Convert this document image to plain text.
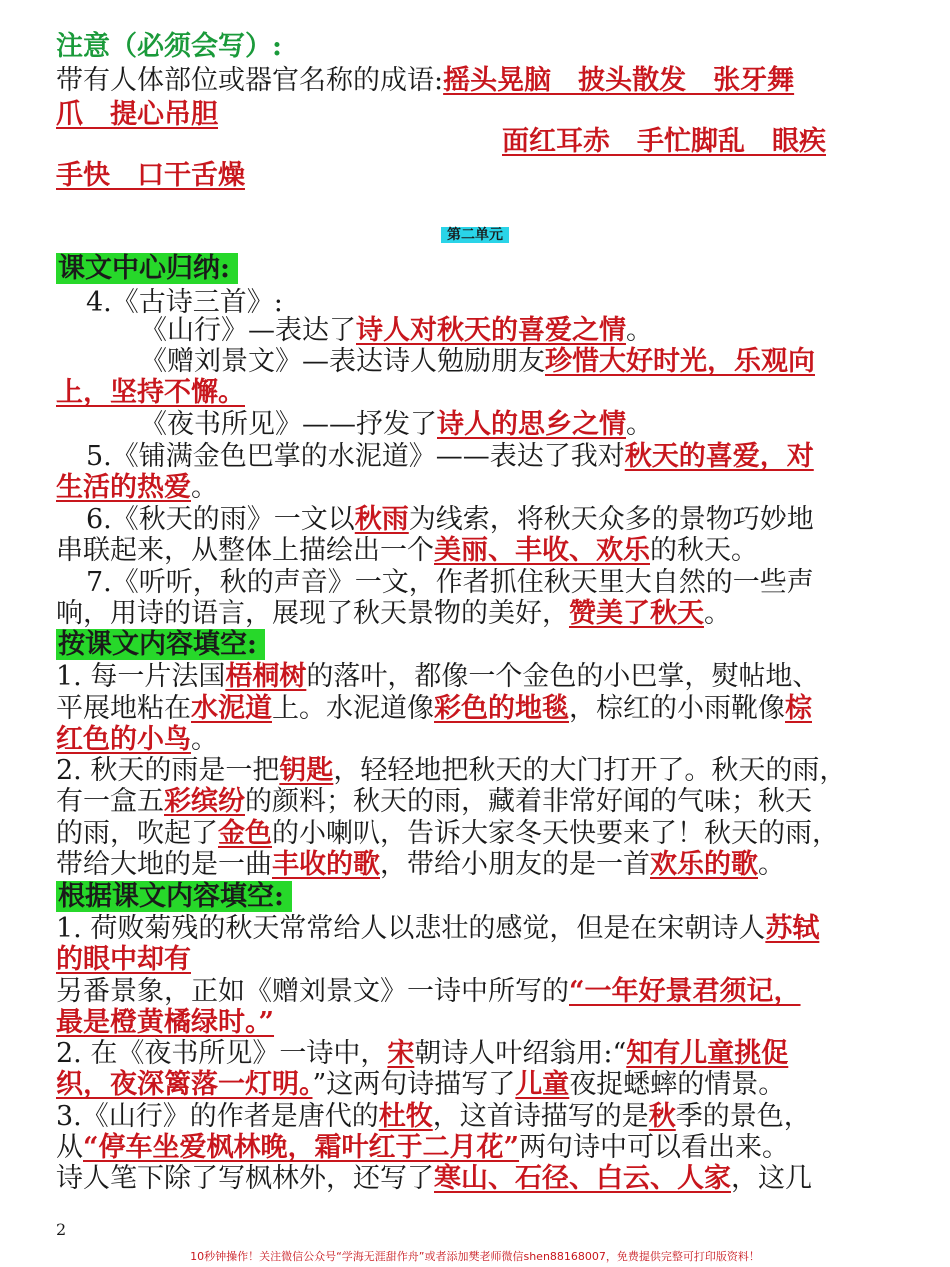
注意（必须会写）:
带有人体部位或器官名称的成语:摇头晃脑　披头散发　张牙舞
爪　提心吊胆
面红耳赤　手忙脚乱　眼疾
手快　口干舌燥
第二单元
课文中心归纳:
4.《古诗三首》:
《山行》—表达了诗人对秋天的喜爱之情。
《赠刘景文》—表达诗人勉励朋友珍惜大好时光，乐观向
上，坚持不懈。
《夜书所见》——抒发了诗人的思乡之情。
5.《铺满金色巴掌的水泥道》——表达了我对秋天的喜爱，对
生活的热爱。
6.《秋天的雨》一文以秋雨为线索，将秋天众多的景物巧妙地
串联起来，从整体上描绘出一个美丽、丰收、欢乐的秋天。
7.《听听，秋的声音》一文，作者抓住秋天里大自然的一些声
响，用诗的语言，展现了秋天景物的美好，赞美了秋天。
按课文内容填空:
1. 每一片法国梧桐树的落叶，都像一个金色的小巴掌，熨帖地、
平展地粘在水泥道上。水泥道像彩色的地毯，棕红的小雨靴像棕
红色的小鸟。
2. 秋天的雨是一把钥匙，轻轻地把秋天的大门打开了。秋天的雨，
有一盒五彩缤纷的颜料；秋天的雨，藏着非常好闻的气味；秋天
的雨，吹起了金色的小喇叭，告诉大家冬天快要来了！秋天的雨，
带给大地的是一曲丰收的歌，带给小朋友的是一首欢乐的歌。
根据课文内容填空:
1. 荷败菊残的秋天常常给人以悲壮的感觉，但是在宋朝诗人苏轼
的眼中却有
另番景象，正如《赠刘景文》一诗中所写的“一年好景君须记，
最是橙黄橘绿时。”
2. 在《夜书所见》一诗中，宋朝诗人叶绍翁用:“知有儿童挑促
织，夜深篱落一灯明。”这两句诗描写了儿童夜捉蟋蟀的情景。
3.《山行》的作者是唐代的杜牧，这首诗描写的是秋季的景色，
从“停车坐爱枫林晚，霜叶红于二月花”两句诗中可以看出来。
诗人笔下除了写枫林外，还写了寒山、石径、白云、人家，这几
2
10秒钟操作！关注微信公众号“学海无涯甜作舟”或者添加樊老师微信shen88168007，免费提供完整可打印版资料！
